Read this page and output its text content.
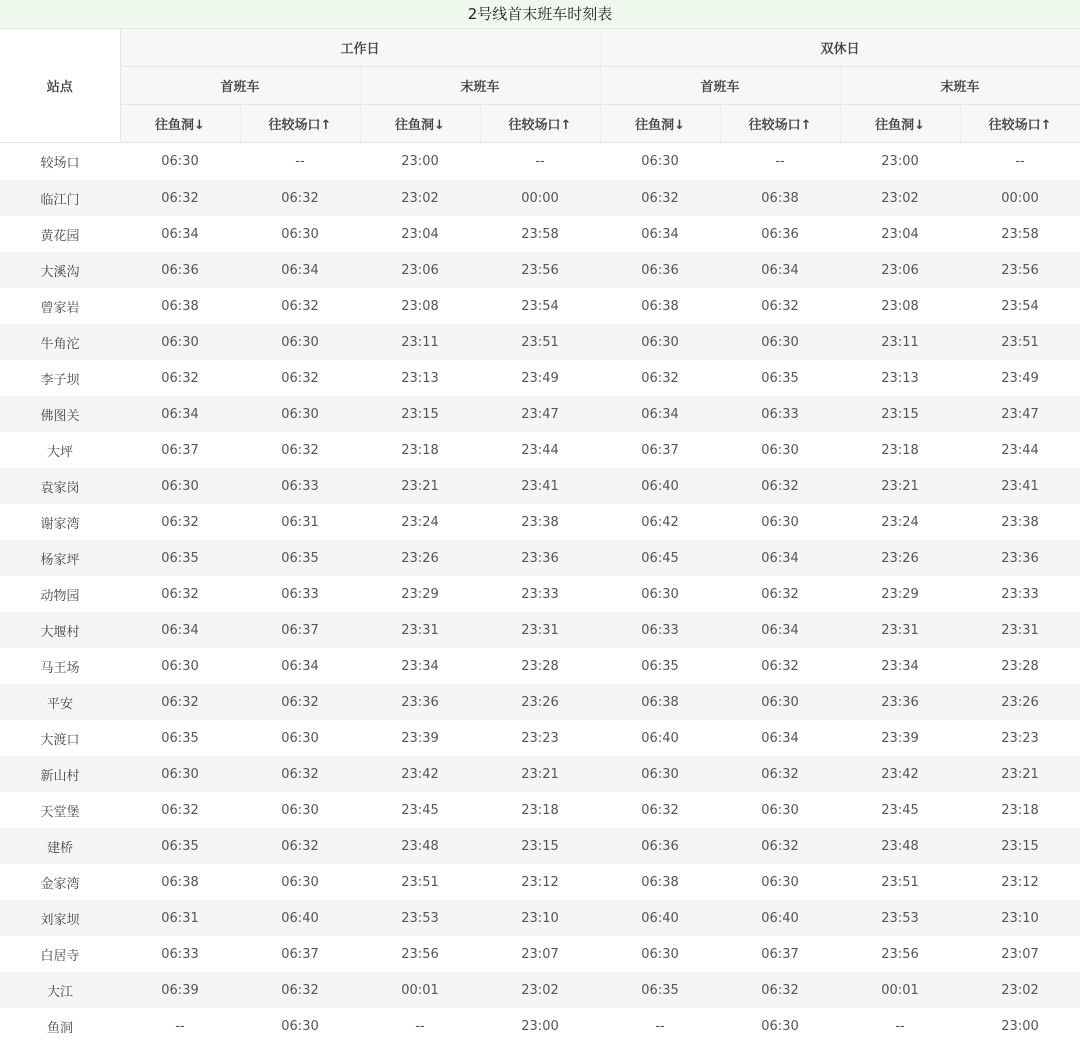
2号线首末班车时刻表
站点	工作日				双休日			
	首班车		末班车		首班车		末班车	
	往鱼洞↓	往较场口↑	往鱼洞↓	往较场口↑	往鱼洞↓	往较场口↑	往鱼洞↓	往较场口↑
较场口	06:30	--	23:00	--	06:30	--	23:00	--
临江门	06:32	06:32	23:02	00:00	06:32	06:38	23:02	00:00
黄花园	06:34	06:30	23:04	23:58	06:34	06:36	23:04	23:58
大溪沟	06:36	06:34	23:06	23:56	06:36	06:34	23:06	23:56
曾家岩	06:38	06:32	23:08	23:54	06:38	06:32	23:08	23:54
牛角沱	06:30	06:30	23:11	23:51	06:30	06:30	23:11	23:51
李子坝	06:32	06:32	23:13	23:49	06:32	06:35	23:13	23:49
佛图关	06:34	06:30	23:15	23:47	06:34	06:33	23:15	23:47
大坪	06:37	06:32	23:18	23:44	06:37	06:30	23:18	23:44
袁家岗	06:30	06:33	23:21	23:41	06:40	06:32	23:21	23:41
谢家湾	06:32	06:31	23:24	23:38	06:42	06:30	23:24	23:38
杨家坪	06:35	06:35	23:26	23:36	06:45	06:34	23:26	23:36
动物园	06:32	06:33	23:29	23:33	06:30	06:32	23:29	23:33
大堰村	06:34	06:37	23:31	23:31	06:33	06:34	23:31	23:31
马王场	06:30	06:34	23:34	23:28	06:35	06:32	23:34	23:28
平安	06:32	06:32	23:36	23:26	06:38	06:30	23:36	23:26
大渡口	06:35	06:30	23:39	23:23	06:40	06:34	23:39	23:23
新山村	06:30	06:32	23:42	23:21	06:30	06:32	23:42	23:21
天堂堡	06:32	06:30	23:45	23:18	06:32	06:30	23:45	23:18
建桥	06:35	06:32	23:48	23:15	06:36	06:32	23:48	23:15
金家湾	06:38	06:30	23:51	23:12	06:38	06:30	23:51	23:12
刘家坝	06:31	06:40	23:53	23:10	06:40	06:40	23:53	23:10
白居寺	06:33	06:37	23:56	23:07	06:30	06:37	23:56	23:07
大江	06:39	06:32	00:01	23:02	06:35	06:32	00:01	23:02
鱼洞	--	06:30	--	23:00	--	06:30	--	23:00
